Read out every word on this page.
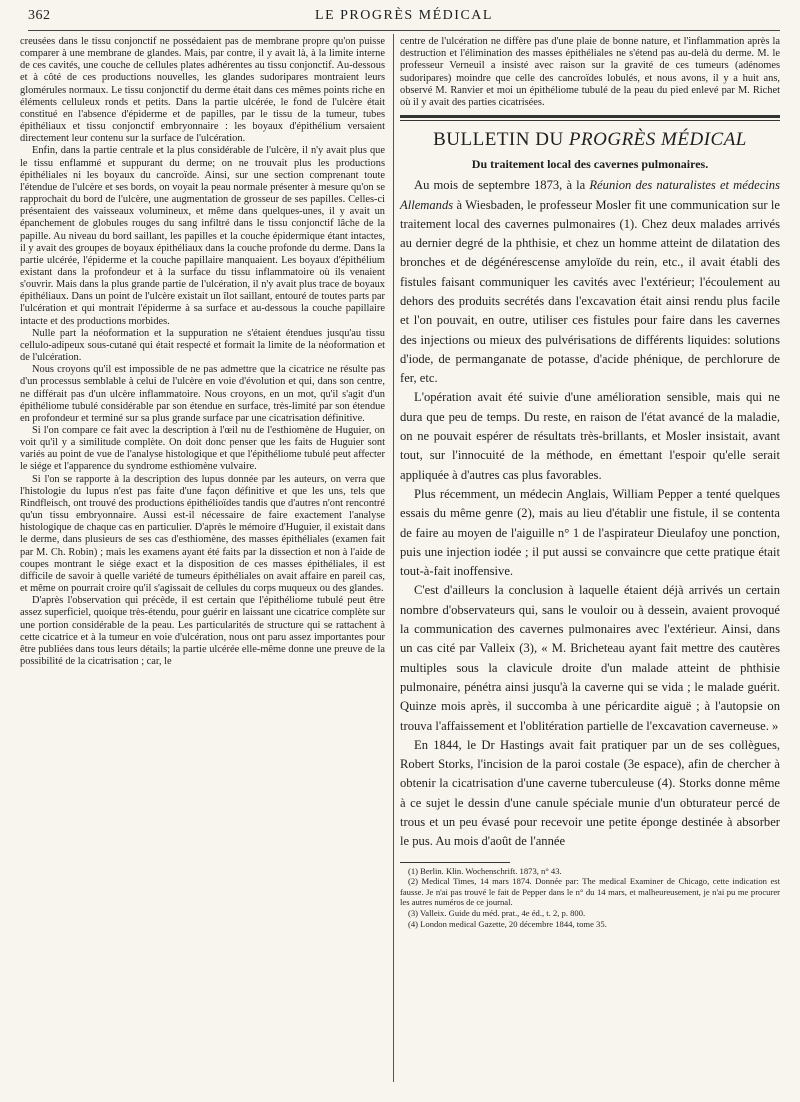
362	LE PROGRÈS MÉDICAL

creusées dans le tissu conjonctif ne possédaient pas de membrane propre qu'on puisse comparer à une membrane de glandes. Mais, par contre, il y avait là, à la limite interne de ces cavités, une couche de cellules plates adhérentes au tissu conjonctif. Au-dessous et à côté de ces productions nouvelles, les glandes sudoripares montraient leurs glomérules normaux. Le tissu conjonctif du derme était dans ces mêmes points riche en éléments celluleux ronds et petits. Dans la partie ulcérée, le fond de l'ulcère était constitué en l'absence d'épiderme et de papilles, par le tissu de la tumeur, tubes épithéliaux et tissu conjonctif embryonnaire : les boyaux d'épithélium versaient directement leur contenu sur la surface de l'ulcération.

Enfin, dans la partie centrale et la plus considérable de l'ulcère, il n'y avait plus que le tissu enflammé et suppurant du derme; on ne trouvait plus les productions épithéliales ni les boyaux du cancroïde. Ainsi, sur une section comprenant toute l'étendue de l'ulcère et ses bords, on voyait la peau normale présenter à mesure qu'on se rapprochait du bord de l'ulcère, une augmentation de grosseur de ses papilles. Celles-ci présentaient des vaisseaux volumineux, et même dans quelques-unes, il y avait un épanchement de globules rouges du sang infiltré dans le tissu conjonctif lâche de la papille. Au niveau du bord saillant, les papilles et la couche épidermique étant intactes, il y avait des groupes de boyaux épithéliaux dans la couche profonde du derme. Dans la partie ulcérée, l'épiderme et la couche papillaire manquaient. Les boyaux d'épithélium existant dans la profondeur et à la surface du tissu inflammatoire où ils venaient s'ouvrir. Mais dans la plus grande partie de l'ulcération, il n'y avait plus trace de boyaux épithéliaux. Dans un point de l'ulcère existait un îlot saillant, entouré de toutes parts par l'ulcération et qui montrait l'épiderme à sa surface et au-dessous la couche papillaire intacte et des productions morbides.

Nulle part la néoformation et la suppuration ne s'étaient étendues jusqu'au tissu cellulo-adipeux sous-cutané qui était respecté et formait la limite de la néoformation et de l'ulcération.

Nous croyons qu'il est impossible de ne pas admettre que la cicatrice ne résulte pas d'un processus semblable à celui de l'ulcère en voie d'évolution et qui, dans son centre, ne différait pas d'un ulcère inflammatoire. Nous croyons, en un mot, qu'il s'agit d'un épithéliome tubulé considérable par son étendue en surface, très-limité par son étendue en profondeur et terminé sur sa plus grande surface par une cicatrisation définitive.

Si l'on compare ce fait avec la description à l'œil nu de l'esthiomène de Huguier, on voit qu'il y a similitude complète. On doit donc penser que les faits de Huguier sont variés au point de vue de l'analyse histologique et que l'épithéliome tubulé peut affecter le siége et l'apparence du syndrome esthiomène vulvaire.

Si l'on se rapporte à la description des lupus donnée par les auteurs, on verra que l'histologie du lupus n'est pas faite d'une façon définitive et que les uns, tels que Rindfleisch, ont trouvé des productions épithélioïdes tandis que d'autres n'ont rencontré qu'un tissu embryonnaire. Aussi est-il nécessaire de faire exactement l'analyse histologique de chaque cas en particulier. D'après le mémoire d'Huguier, il existait dans le derme, dans plusieurs de ses cas d'esthiomène, des masses épithéliales (examen fait par M. Ch. Robin) ; mais les examens ayant été faits par la dissection et non à l'aide de coupes montrant le siége exact et la disposition de ces masses épithéliales, il est difficile de savoir à quelle variété de tumeurs épithéliales on avait affaire en pareil cas, et même on pourrait croire qu'il s'agissait de cellules du corps muqueux ou des glandes.

D'après l'observation qui précède, il est certain que l'épithéliome tubulé peut être assez superficiel, quoique très-étendu, pour guérir en laissant une cicatrice complète sur une portion considérable de la peau. Les particularités de structure qui se rattachent à cette cicatrice et à la tumeur en voie d'ulcération, nous ont paru assez importantes pour être publiées dans tous leurs détails; la partie ulcérée elle-même donne une preuve de la possibilité de la cicatrisation ; car, le

centre de l'ulcération ne diffère pas d'une plaie de bonne nature, et l'inflammation après la destruction et l'élimination des masses épithéliales ne s'étend pas au-delà du derme. M. le professeur Verneuil a insisté avec raison sur la gravité de ces tumeurs (adénomes sudoripares) moindre que celle des cancroïdes lobulés, et nous avons, il y a huit ans, observé M. Ranvier et moi un épithéliome tubulé de la peau du pied enlevé par M. Richet où il y avait des parties cicatrisées.

BULLETIN DU PROGRÈS MÉDICAL
Du traitement local des cavernes pulmonaires.

Au mois de septembre 1873, à la Réunion des naturalistes et médecins Allemands à Wiesbaden, le professeur Mosler fit une communication sur le traitement local des cavernes pulmonaires (1). Chez deux malades arrivés au dernier degré de la phthisie, et chez un homme atteint de dilatation des bronches et de dégénérescense amyloïde du rein, etc., il avait établi des fistules faisant communiquer les cavités avec l'extérieur; l'écoulement au dehors des produits secrétés dans l'excavation était ainsi rendu plus facile et l'on pouvait, en outre, utiliser ces fistules pour faire dans les cavernes des injections ou mieux des pulvérisations de différents liquides: solutions d'iode, de permanganate de potasse, d'acide phénique, de perchlorure de fer, etc.

L'opération avait été suivie d'une amélioration sensible, mais qui ne dura que peu de temps. Du reste, en raison de l'état avancé de la maladie, on ne pouvait espérer de résultats très-brillants, et Mosler insistait, avant tout, sur l'innocuité de la méthode, en émettant l'espoir qu'elle serait appliquée à d'autres cas plus favorables.

Plus récemment, un médecin Anglais, William Pepper a tenté quelques essais du même genre (2), mais au lieu d'établir une fistule, il se contenta de faire au moyen de l'aiguille n° 1 de l'aspirateur Dieulafoy une ponction, puis une injection iodée ; il put aussi se convaincre que cette pratique était tout-à-fait inoffensive.

C'est d'ailleurs la conclusion à laquelle étaient déjà arrivés un certain nombre d'observateurs qui, sans le vouloir ou à dessein, avaient provoqué la communication des cavernes pulmonaires avec l'extérieur. Ainsi, dans un cas cité par Valleix (3), « M. Bricheteau ayant fait mettre des cautères multiples sous la clavicule droite d'un malade atteint de phthisie pulmonaire, pénétra ainsi jusqu'à la caverne qui se vida ; le malade guérit. Quinze mois après, il succomba à une péricardite aiguë ; à l'autopsie on trouva l'affaissement et l'oblitération partielle de l'excavation caverneuse. »

En 1844, le Dr Hastings avait fait pratiquer par un de ses collègues, Robert Storks, l'incision de la paroi costale (3e espace), afin de chercher à obtenir la cicatrisation d'une caverne tuberculeuse (4). Storks donne même à ce sujet le dessin d'une canule spéciale munie d'un obturateur percé de trous et un peu évasé pour recevoir une petite éponge destinée à absorber le pus. Au mois d'août de l'année

(1) Berlin. Klin. Wochenschrift. 1873, n° 43.

(2) Medical Times, 14 mars 1874. Donnée par: The medical Examiner de Chicago, cette indication est fausse. Je n'ai pas trouvé le fait de Pepper dans le n° du 14 mars, et malheureusement, je n'ai pu me procurer les autres numéros de ce journal.

(3) Valleix. Guide du méd. prat., 4e éd., t. 2, p. 800.

(4) London medical Gazette, 20 décembre 1844, tome 35.
